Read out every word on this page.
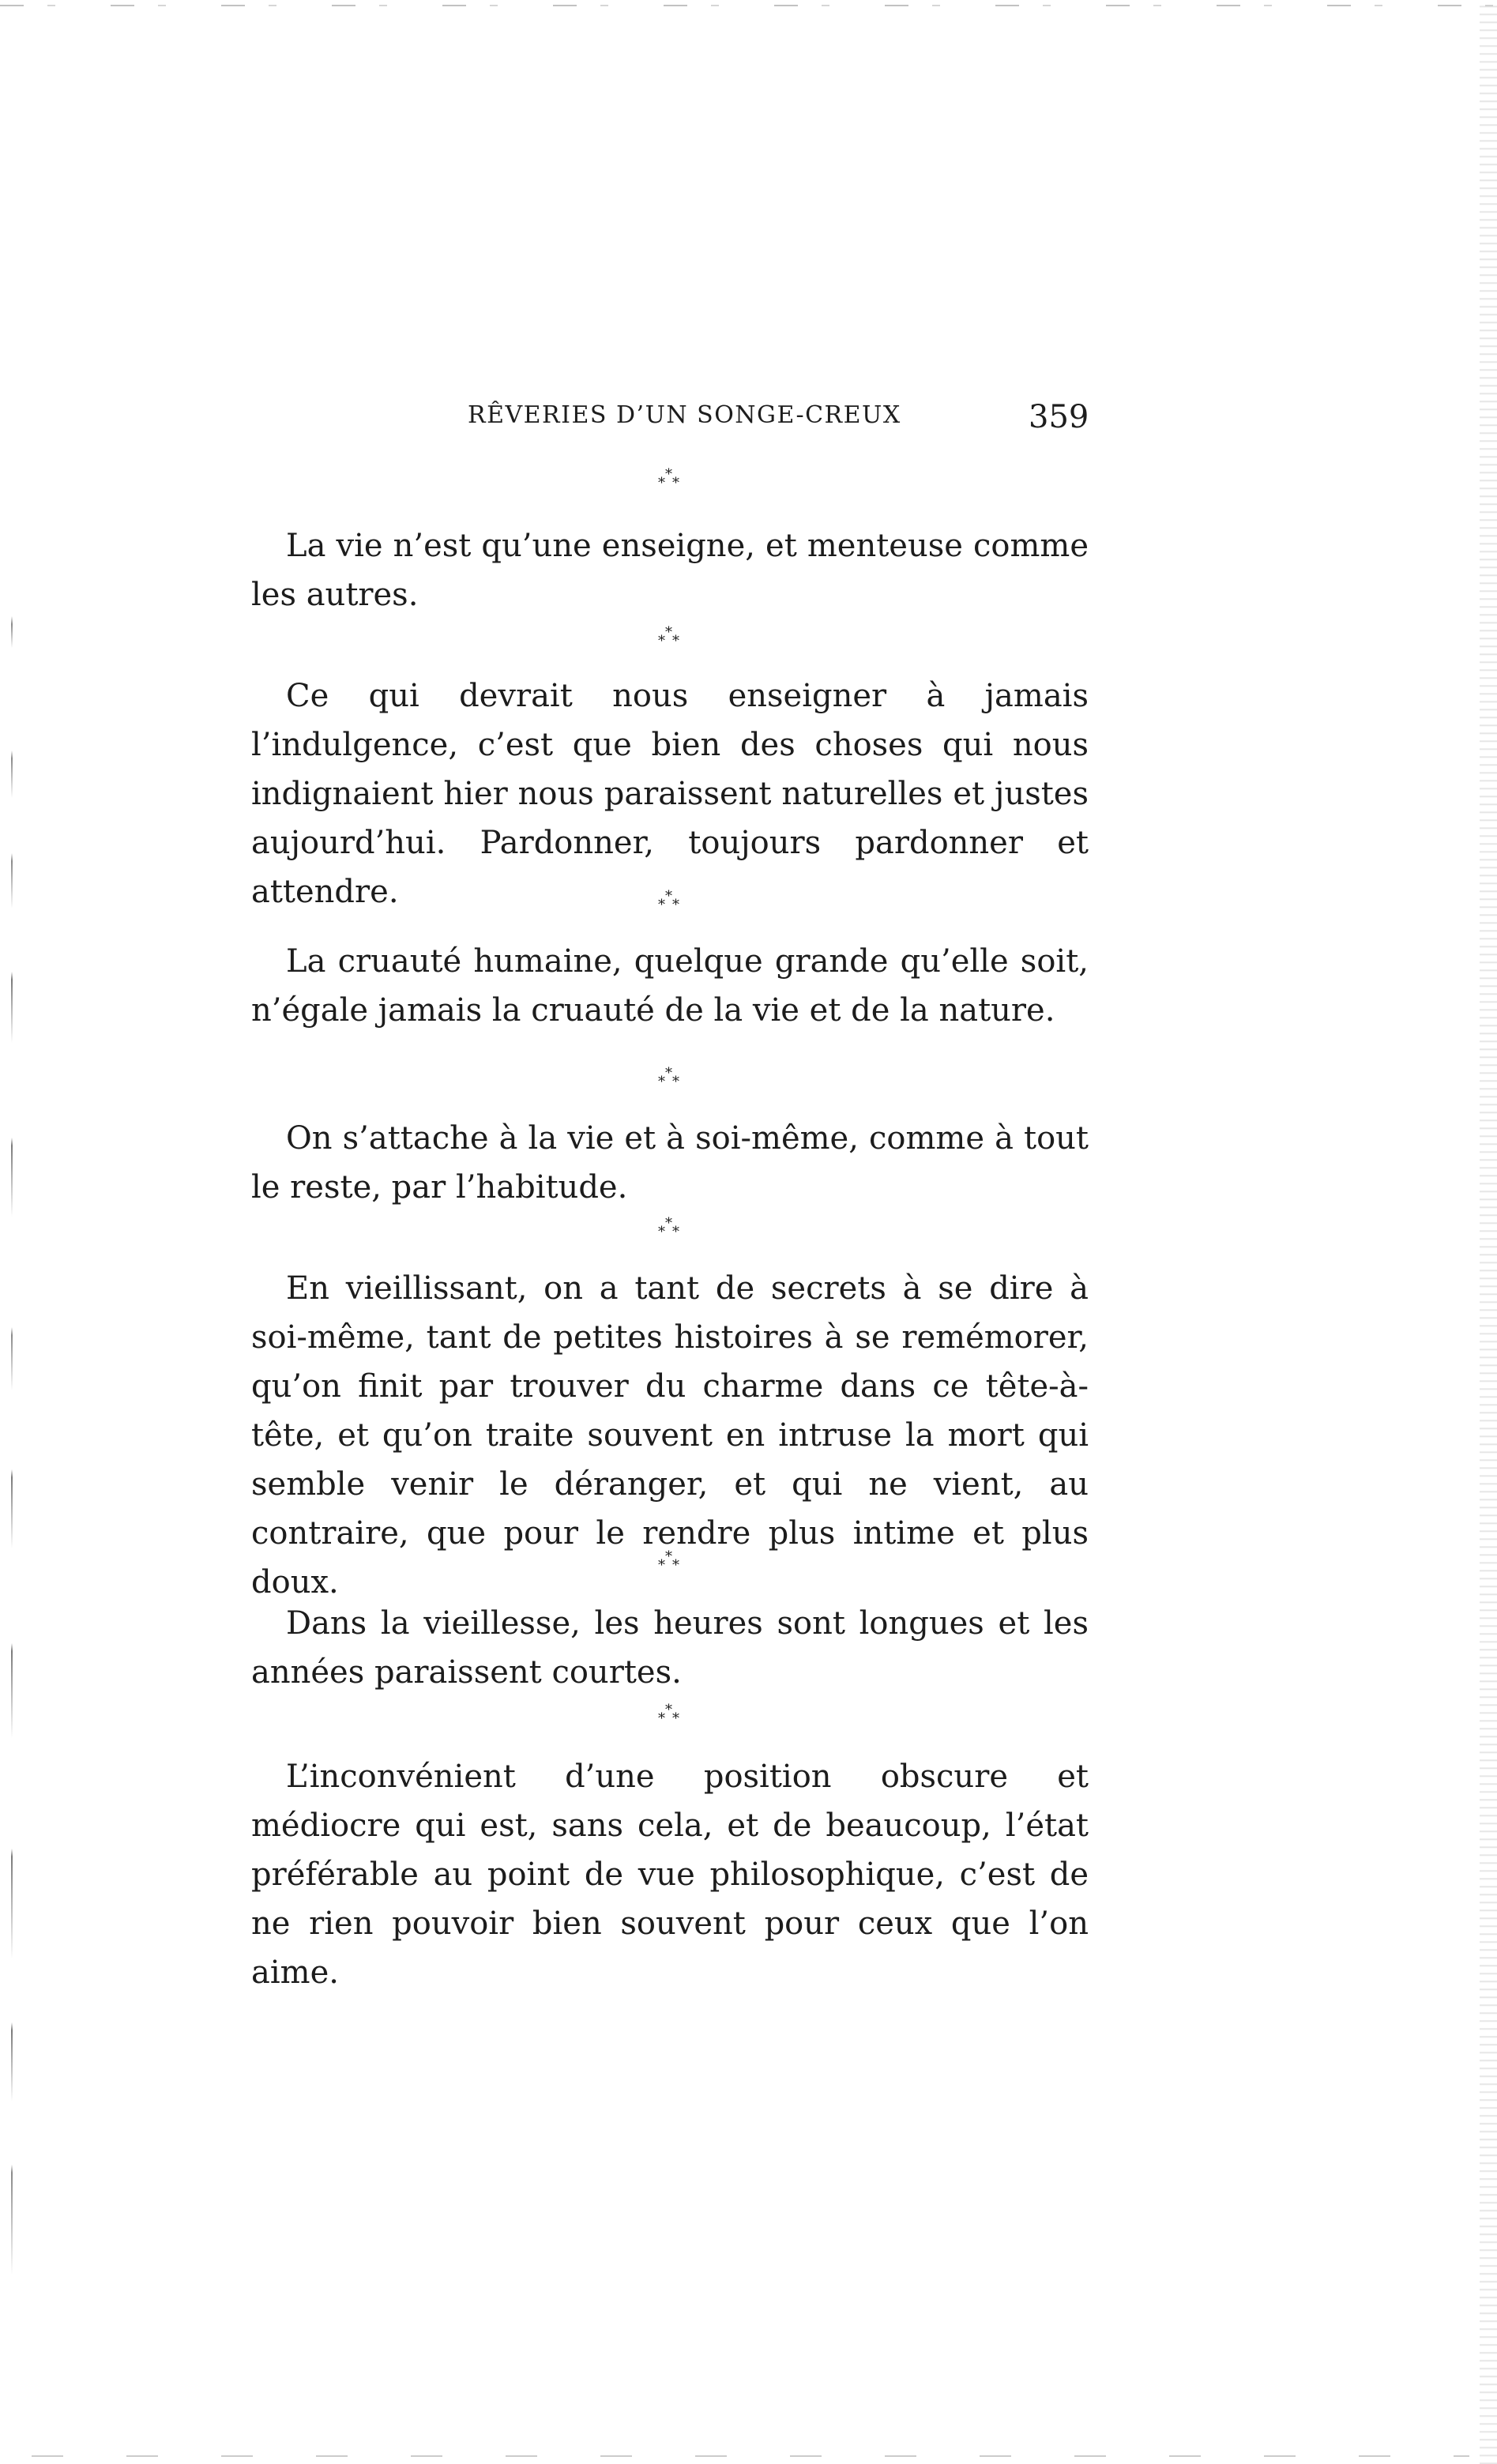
RÊVERIES D’UN SONGE-CREUX	359
*
* *

La vie n’est qu’une enseigne, et menteuse comme les autres.

*
* *

Ce qui devrait nous enseigner à jamais l’indulgence, c’est que bien des choses qui nous indignaient hier nous paraissent naturelles et justes aujourd’hui. Pardonner, toujours pardonner et attendre.	*
* *

La cruauté humaine, quelque grande qu’elle soit, n’égale jamais la cruauté de la vie et de la nature.

*
* *

On s’attache à la vie et à soi-même, comme à tout le reste, par l’habitude.

*
* *

En vieillissant, on a tant de secrets à se dire à soi-même, tant de petites histoires à se remémorer, qu’on finit par trouver du charme dans ce tête-à-tête, et qu’on traite souvent en intruse la mort qui semble venir le déranger, et qui ne vient, au contraire, que pour le rendre plus intime et plus doux.

*
* *

Dans la vieillesse, les heures sont longues et les années paraissent courtes.

*
* *

L’inconvénient d’une position obscure et médiocre qui est, sans cela, et de beaucoup, l’état préférable au point de vue philosophique, c’est de ne rien pouvoir bien souvent pour ceux que l’on aime.
